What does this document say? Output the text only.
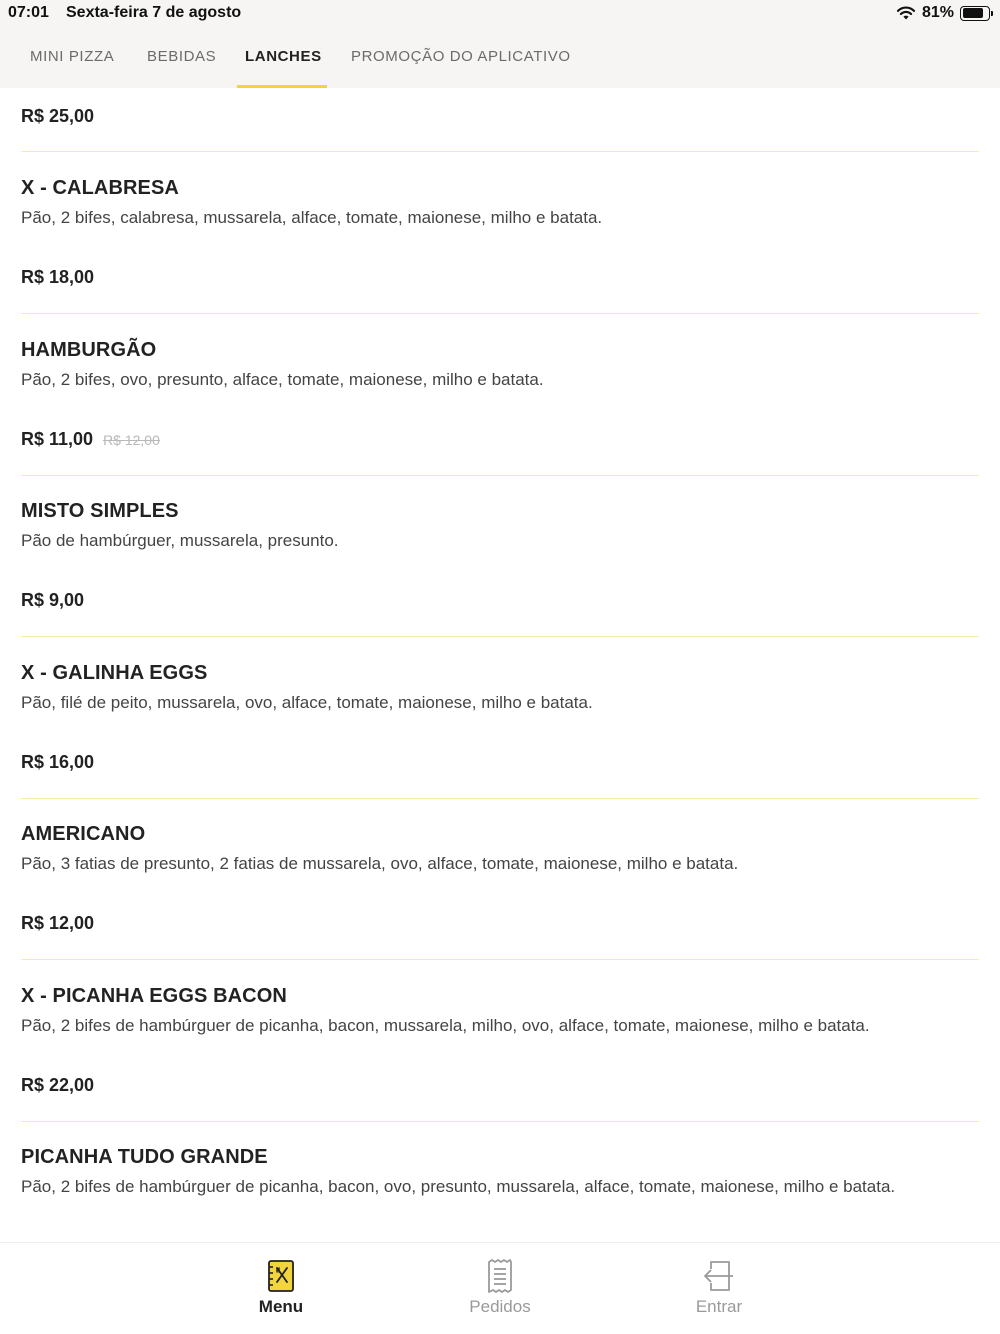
07:01 Sexta-feira 7 de agosto	81%
MINI PIZZA BEBIDAS LANCHES PROMOÇÃO DO APLICATIVO
R$ 25,00
X - CALABRESA
Pão, 2 bifes, calabresa, mussarela, alface, tomate, maionese, milho e batata.
R$ 18,00
HAMBURGÃO
Pão, 2 bifes, ovo, presunto, alface, tomate, maionese, milho e batata.
R$ 11,00 R$ 12,00
MISTO SIMPLES
Pão de hambúrguer, mussarela, presunto.
R$ 9,00
X - GALINHA EGGS
Pão, filé de peito, mussarela, ovo, alface, tomate, maionese, milho e batata.
R$ 16,00
AMERICANO
Pão, 3 fatias de presunto, 2 fatias de mussarela, ovo, alface, tomate, maionese, milho e batata.
R$ 12,00
X - PICANHA EGGS BACON
Pão, 2 bifes de hambúrguer de picanha, bacon, mussarela, milho, ovo, alface, tomate, maionese, milho e batata.
R$ 22,00
PICANHA TUDO GRANDE
Pão, 2 bifes de hambúrguer de picanha, bacon, ovo, presunto, mussarela, alface, tomate, maionese, milho e batata.
Menu	Pedidos	Entrar
